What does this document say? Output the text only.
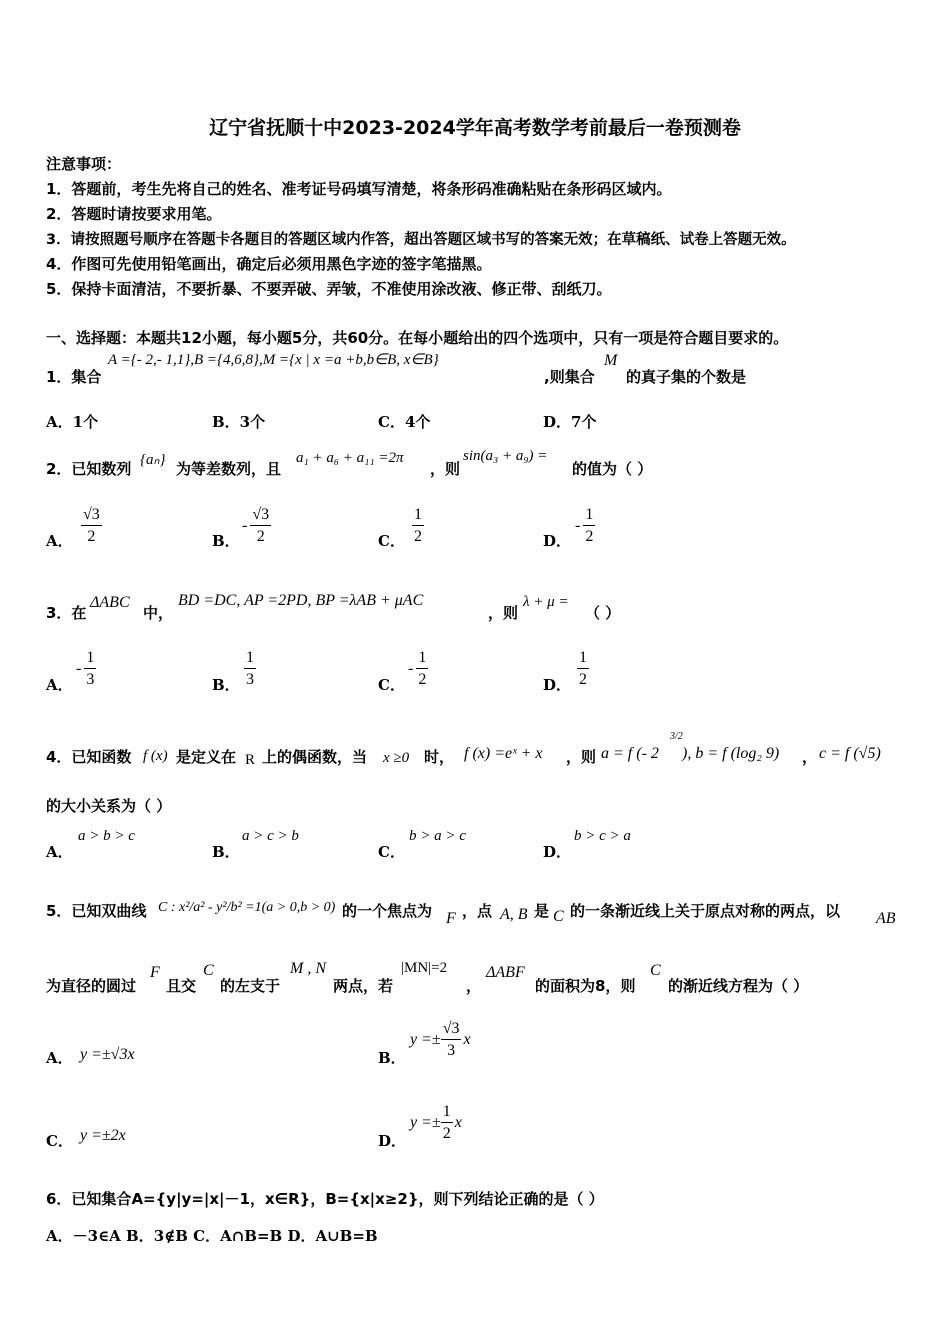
辽宁省抚顺十中2023-2024学年高考数学考前最后一卷预测卷
注意事项：
1．答题前，考生先将自己的姓名、准考证号码填写清楚，将条形码准确粘贴在条形码区域内。
2．答题时请按要求用笔。
3．请按照题号顺序在答题卡各题目的答题区域内作答，超出答题区域书写的答案无效；在草稿纸、试卷上答题无效。
4．作图可先使用铅笔画出，确定后必须用黑色字迹的签字笔描黑。
5．保持卡面清洁，不要折暴、不要弄破、弄皱，不准使用涂改液、修正带、刮纸刀。
一、选择题：本题共12小题，每小题5分，共60分。在每小题给出的四个选项中，只有一项是符合题目要求的。
1．集合
A ={- 2,- 1,1},B ={4,6,8},M ={x | x =a +b,b∈B, x∈B}
,则集合
M
的真子集的个数是
A．1个	B．3个	C．4个	D．7个
2．已知数列 {aₙ} 为等差数列，且
a₁ + a₆ + a₁₁ =2π
，则
sin(a₃ + a₉) =
的值为（ ）
A． $\frac{√3}{2}$	B．
- $\frac{√3}{2}$	C． $\frac{1}{2}$	D．
- $\frac{1}{2}$
3．在
ΔABC
中，
BD =DC, AP =2PD, BP =λAB + μAC
，则
λ + μ =
（ ）
A．
- $\frac{1}{3}$	B． $\frac{1}{3}$	C．
- $\frac{1}{2}$	D． $\frac{1}{2}$
4．已知函数 f (x) 是定义在 R 上的偶函数，当 x ≥0 时， f (x) =eˣ + x ，则 a = f (- 2
3/2
), b = f (log₂ 9) ， c = f (√5)
的大小关系为（ ）
A．
a > b > c
B．
a > c > b
C．
b > a > c
D．
b > c > a
5．已知双曲线 C : x²/a² - y²/b² =1(a > 0,b > 0) 的一个焦点为 F ，点 A, B 是 C 的一条渐近线上关于原点对称的两点，以 AB
为直径的圆过
F
且交
C
的左支于
M , N
两点，若
|MN|=2
，
ΔABF
的面积为8，则
C
的渐近线方程为（ ）
A． y =±√3x	B．
$y =\pm \frac{√3}{3}$ x
C． y =±2x	D．
$y =\pm \frac{1}{2}$ x
6．已知集合A={y|y=|x|－1，x∈R}，B={x|x≥2}，则下列结论正确的是（ ）
A．－3∈A B．3∉B C．A∩B=B D．A∪B=B
